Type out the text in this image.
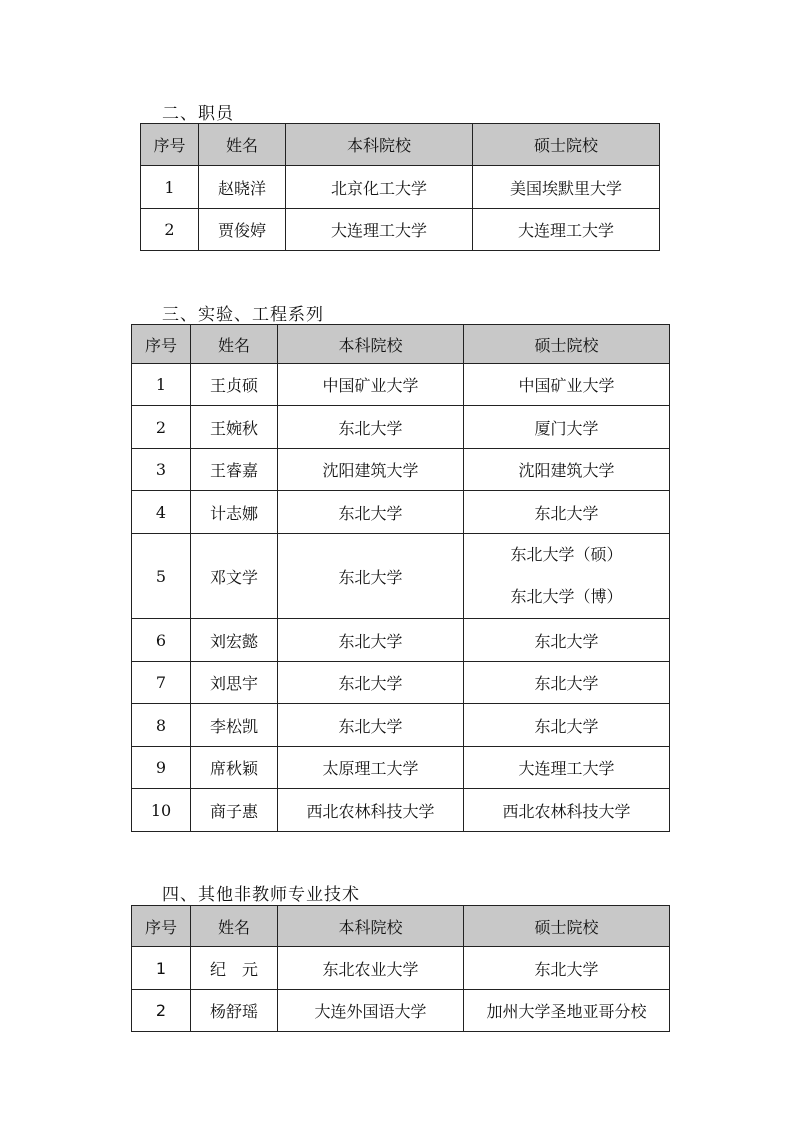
二、职员
序号	姓名	本科院校	硕士院校
1	赵晓洋	北京化工大学	美国埃默里大学
2	贾俊婷	大连理工大学	大连理工大学
三、实验、工程系列
序号	姓名	本科院校	硕士院校
1	王贞硕	中国矿业大学	中国矿业大学
2	王婉秋	东北大学	厦门大学
3	王睿嘉	沈阳建筑大学	沈阳建筑大学
4	计志娜	东北大学	东北大学
5	邓文学	东北大学	东北大学（硕）
东北大学（博）

6	刘宏懿	东北大学	东北大学
7	刘思宇	东北大学	东北大学
8	李松凯	东北大学	东北大学
9	席秋颖	太原理工大学	大连理工大学
10	商子惠	西北农林科技大学	西北农林科技大学
四、其他非教师专业技术
序号	姓名	本科院校	硕士院校
1	纪　元	东北农业大学	东北大学
2	杨舒瑶	大连外国语大学	加州大学圣地亚哥分校
